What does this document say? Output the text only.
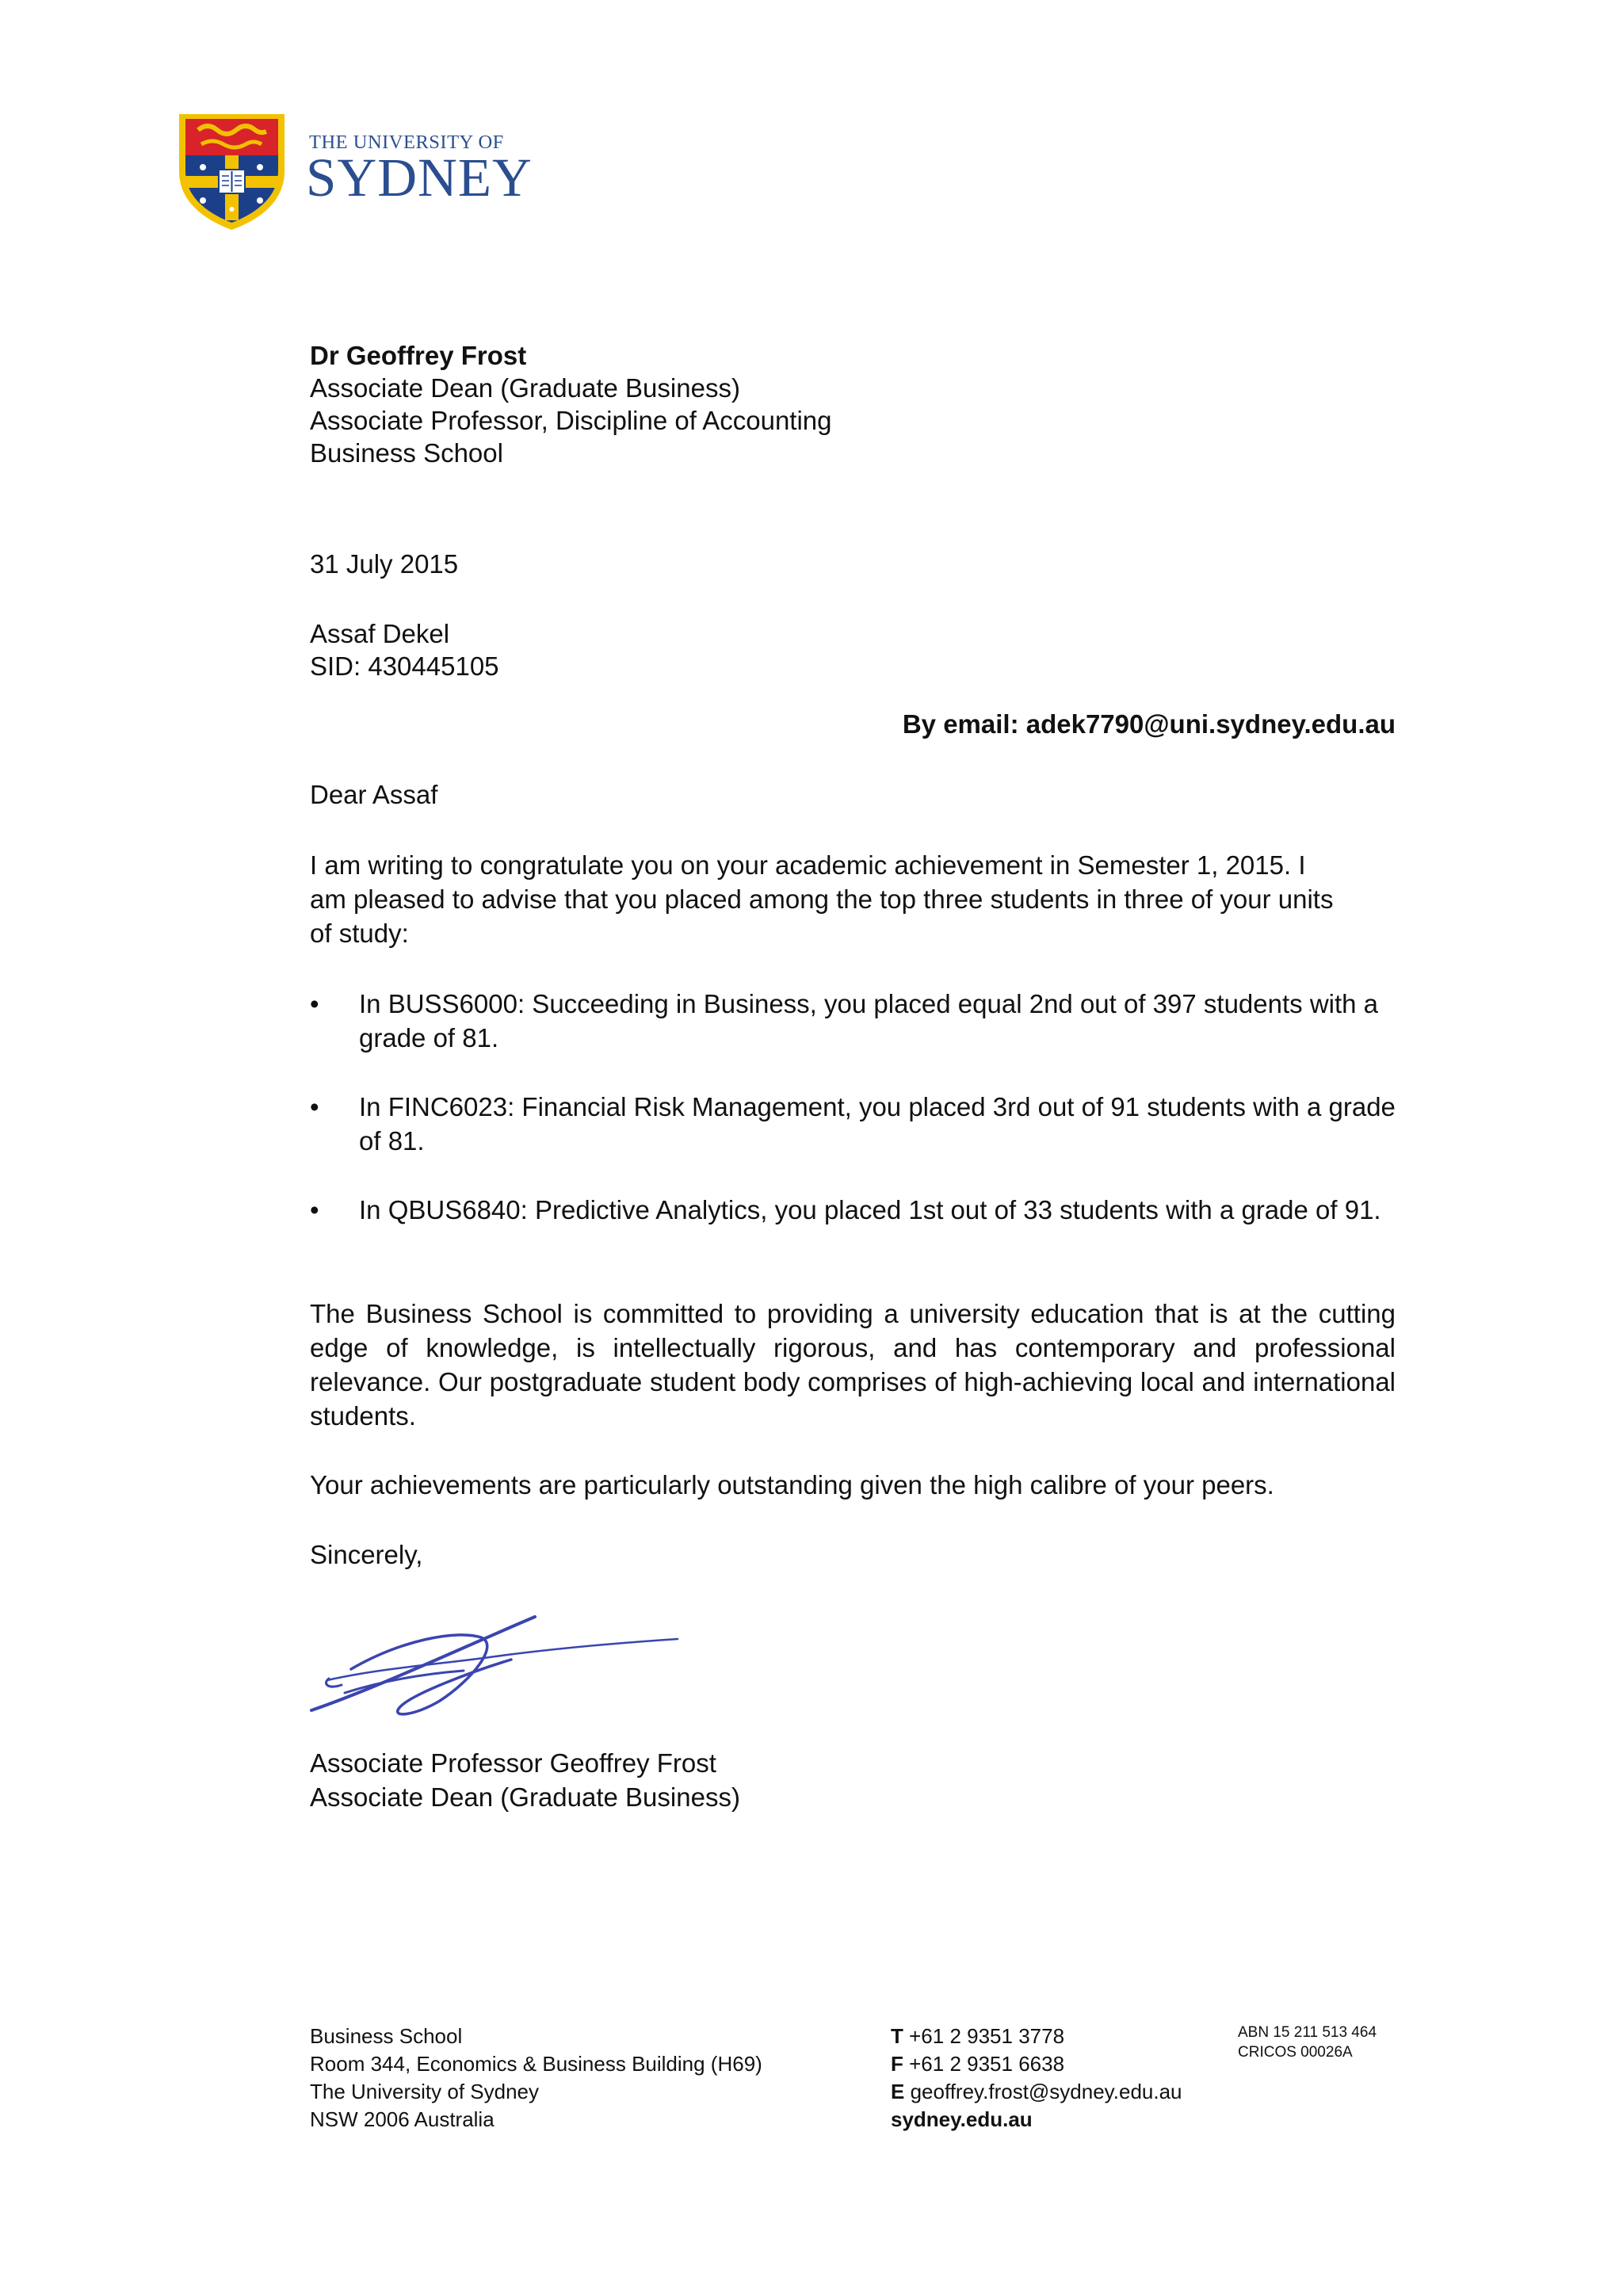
THE UNIVERSITY OF
SYDNEY
Dr Geoffrey Frost
Associate Dean (Graduate Business)
Associate Professor, Discipline of Accounting
Business School
31 July 2015
Assaf Dekel
SID: 430445105
By email: adek7790@uni.sydney.edu.au
Dear Assaf
I am writing to congratulate you on your academic achievement in Semester 1, 2015. I
am pleased to advise that you placed among the top three students in three of your units
of study:
• In BUSS6000: Succeeding in Business, you placed equal 2nd out of 397 students with a grade of 81.
• In FINC6023: Financial Risk Management, you placed 3rd out of 91 students with a grade of 81.
• In QBUS6840: Predictive Analytics, you placed 1st out of 33 students with a grade of 91.
The Business School is committed to providing a university education that is at the cutting edge of knowledge, is intellectually rigorous, and has contemporary and professional relevance. Our postgraduate student body comprises of high-achieving local and international students.
Your achievements are particularly outstanding given the high calibre of your peers.
Sincerely,
Associate Professor Geoffrey Frost
Associate Dean (Graduate Business)
Business School
Room 344, Economics & Business Building (H69)
The University of Sydney
NSW 2006 Australia
T +61 2 9351 3778
F +61 2 9351 6638
E geoffrey.frost@sydney.edu.au
sydney.edu.au
ABN 15 211 513 464
CRICOS 00026A
